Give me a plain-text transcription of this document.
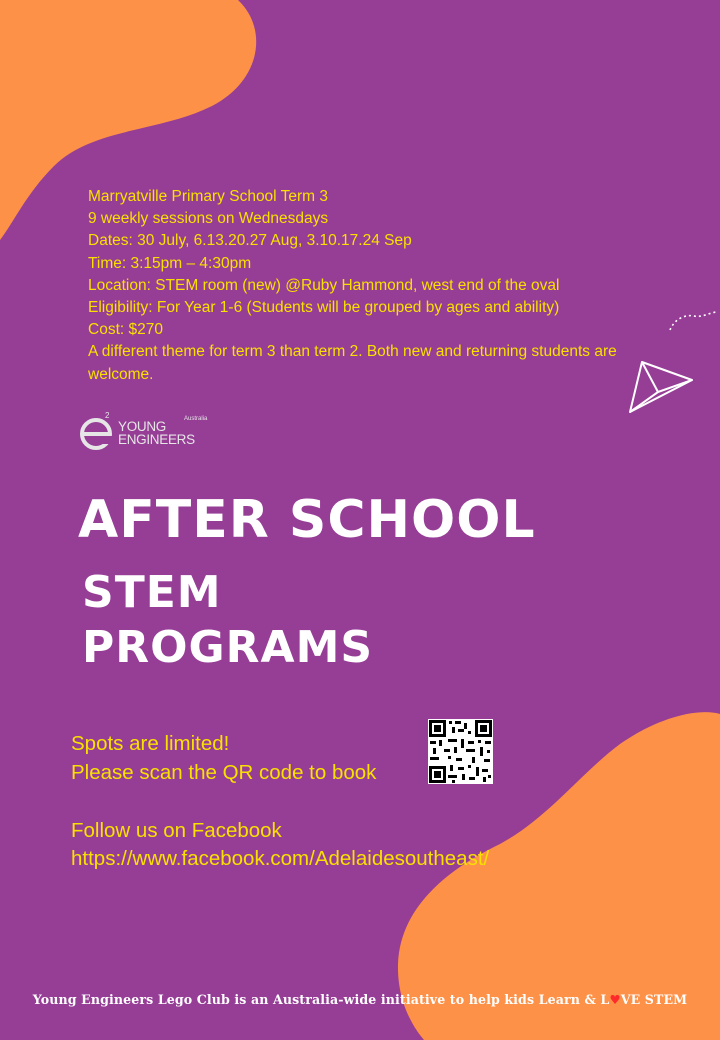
Marryatville Primary School Term 3
9 weekly sessions on Wednesdays
Dates: 30 July, 6.13.20.27 Aug, 3.10.17.24 Sep
Time: 3:15pm – 4:30pm
Location: STEM room (new) @Ruby Hammond, west end of the oval
Eligibility: For Year 1-6 (Students will be grouped by ages and ability)
Cost: $270
A different theme for term 3 than term 2. Both new and returning students are welcome.
2
YOUNG
ENGINEERS
Australia
AFTER SCHOOL
STEM
PROGRAMS
Spots are limited!
Please scan the QR code to book
Follow us on Facebook
https://www.facebook.com/Adelaidesoutheast/
Young Engineers Lego Club is an Australia-wide initiative to help kids Learn & L♥VE STEM
